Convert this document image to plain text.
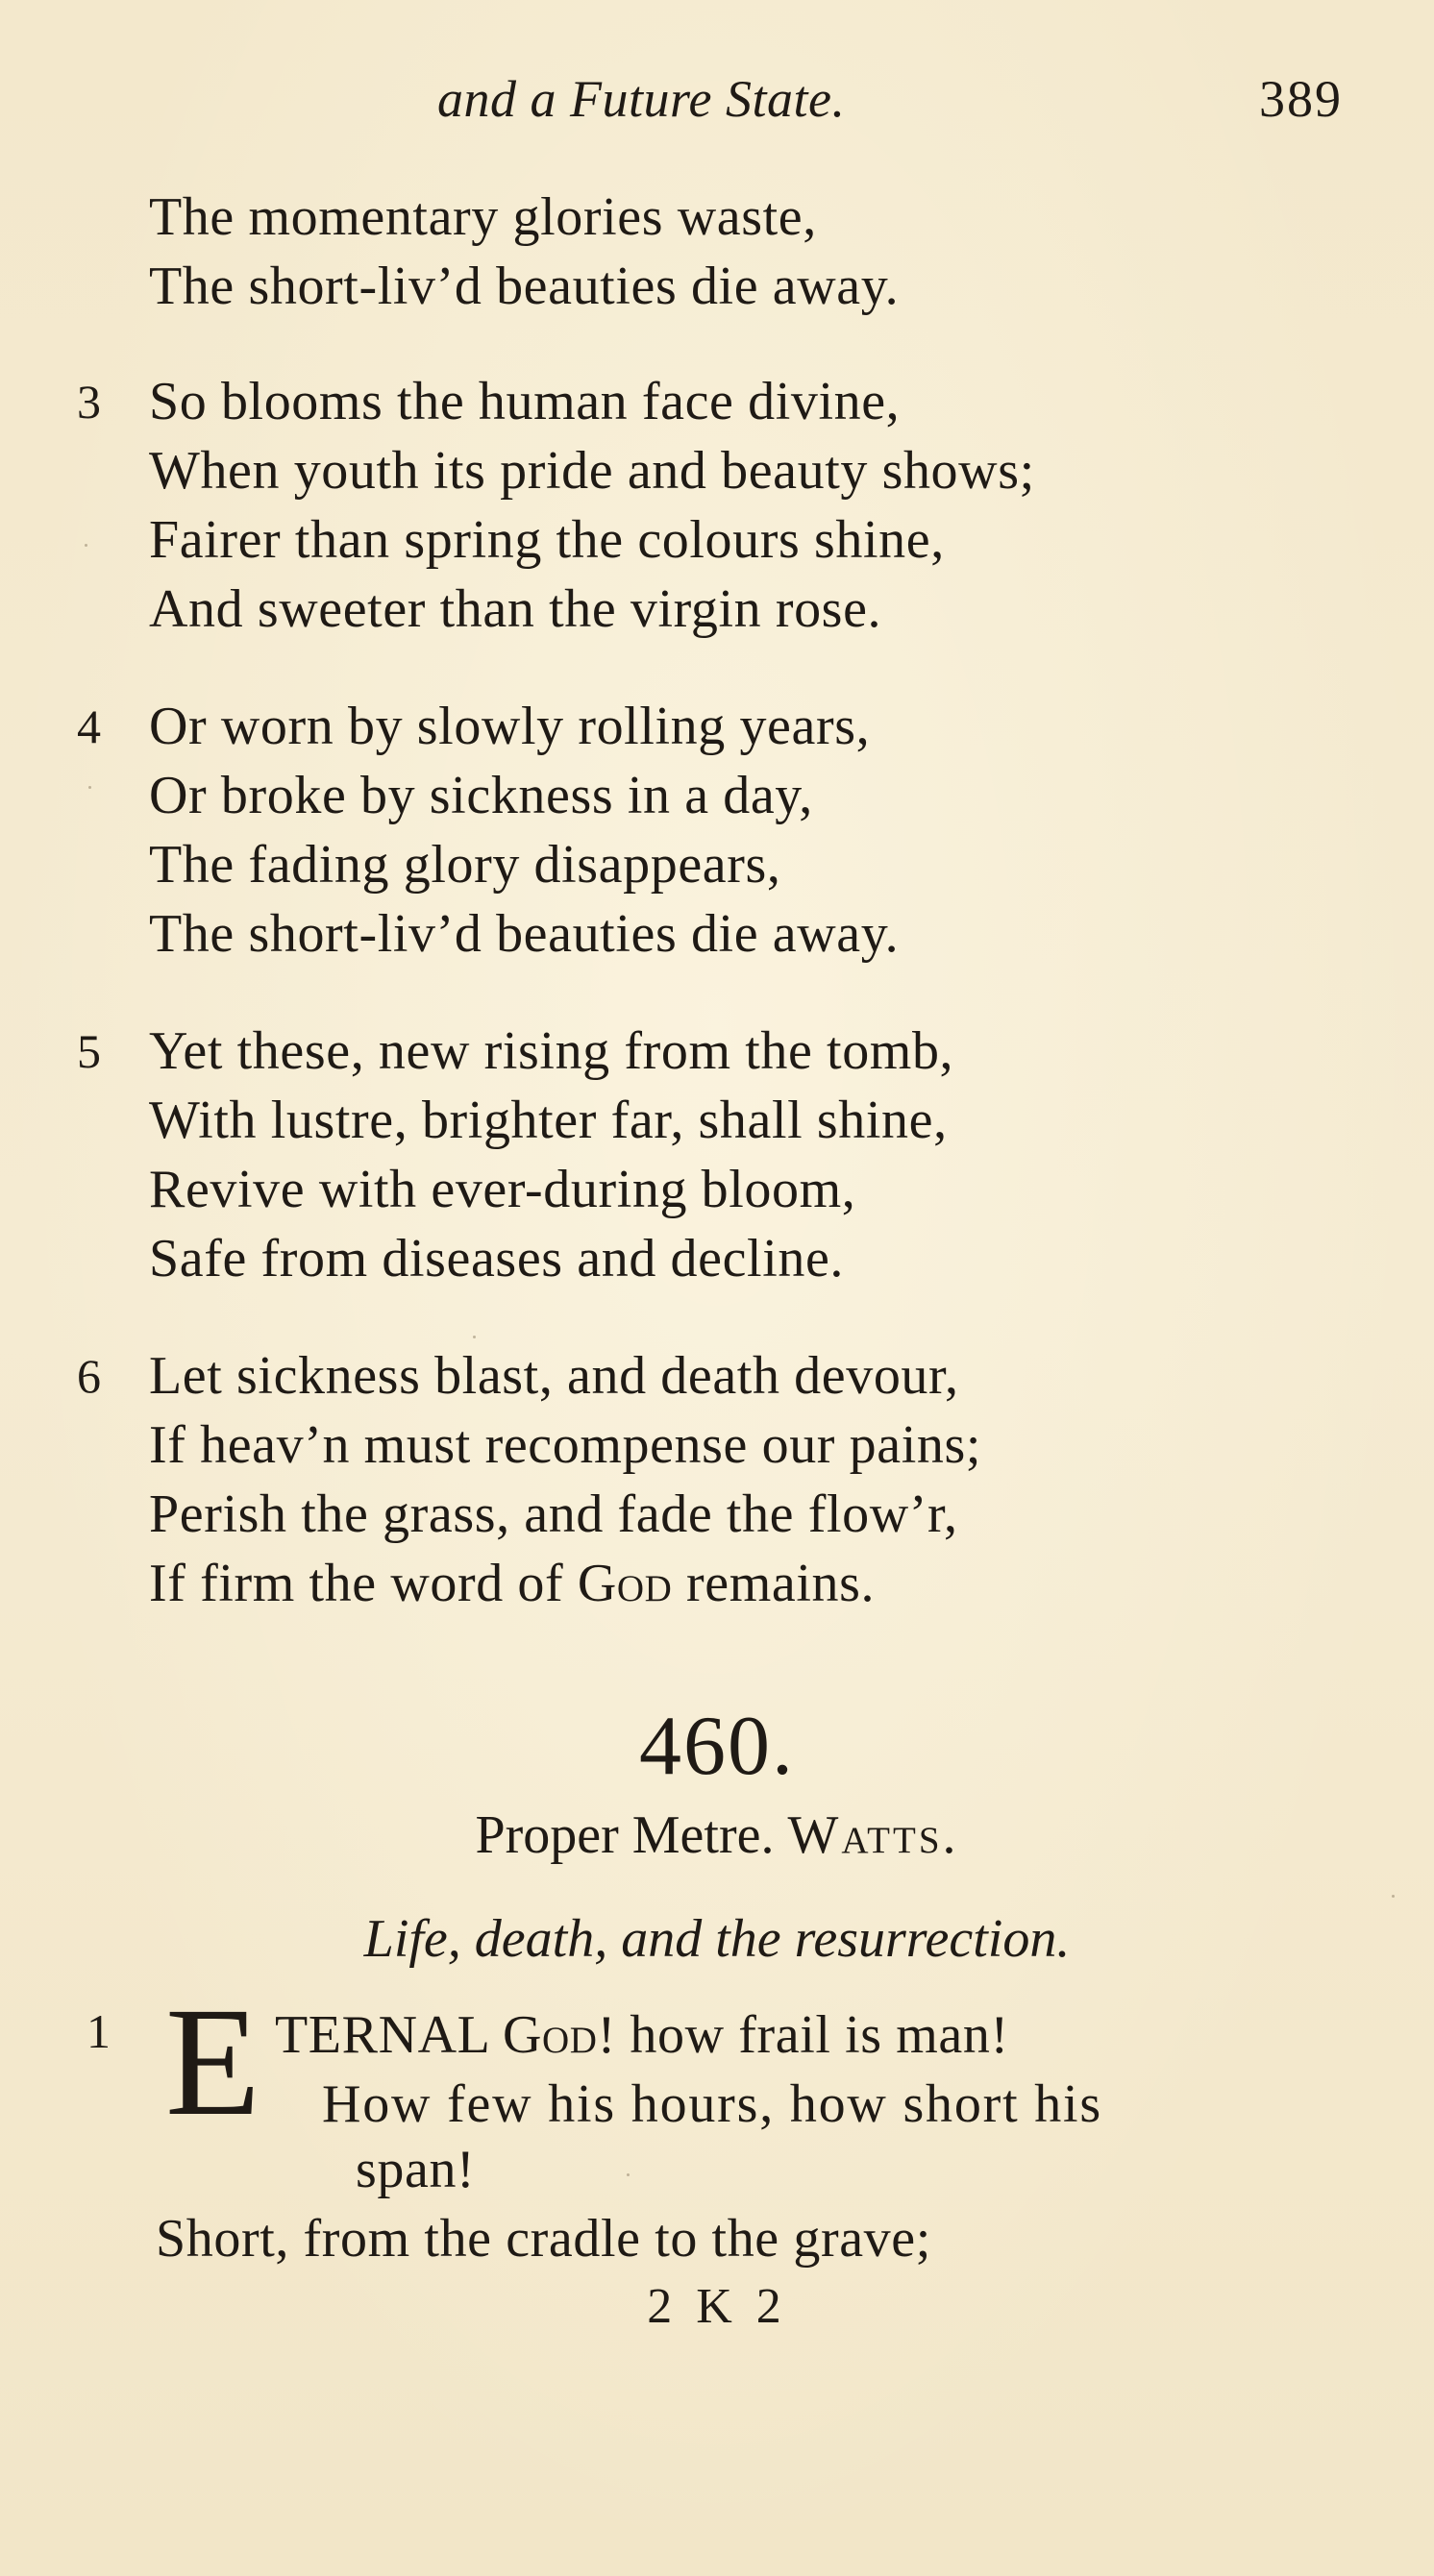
and a Future State.	389
The momentary glories waste,
The short-liv’d beauties die away.
3 So blooms the human face divine,
When youth its pride and beauty shows;
Fairer than spring the colours shine,
And sweeter than the virgin rose.
4 Or worn by slowly rolling years,
Or broke by sickness in a day,
The fading glory disappears,
The short-liv’d beauties die away.
5 Yet these, new rising from the tomb,
With lustre, brighter far, shall shine,
Revive with ever-during bloom,
Safe from diseases and decline.
6 Let sickness blast, and death devour,
If heav’n must recompense our pains;
Perish the grass, and fade the flow’r,
If firm the word of God remains.
460.
Proper Metre. Watts.
Life, death, and the resurrection.
1 E TERNAL God! how frail is man!
How few his hours, how short his
span!
Short, from the cradle to the grave;
2 K 2
